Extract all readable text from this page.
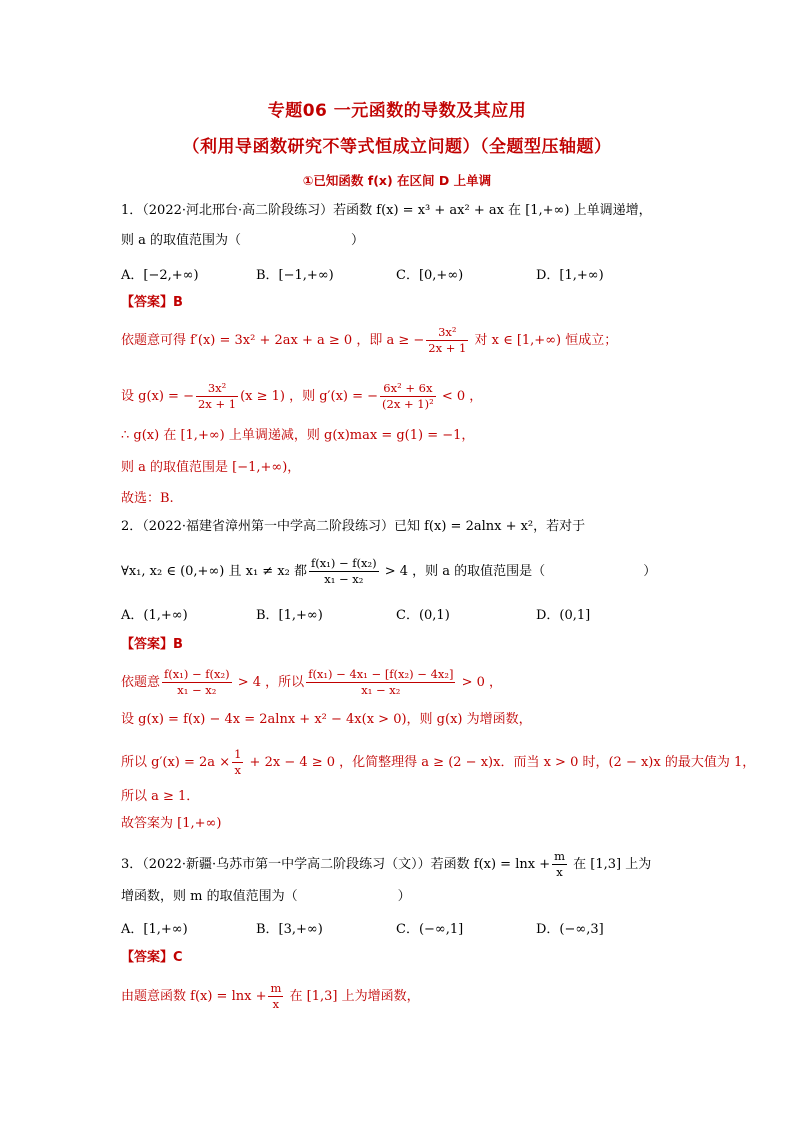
专题06 一元函数的导数及其应用
（利用导函数研究不等式恒成立问题）（全题型压轴题）
①已知函数 f(x) 在区间 D 上单调
1．（2022·河北邢台·高二阶段练习）若函数 f(x) = x³ + ax² + ax 在 [1,+∞) 上单调递增，
则 a 的取值范围为（	）
A．[−2,+∞)	B．[−1,+∞)	C．[0,+∞)	D．[1,+∞)
【答案】B
依题意可得 f′(x) = 3x² + 2ax + a ≥ 0 ，即 a ≥ − $\frac{\text{3x²}}{2x + 1}$ 对 x ∈ [1,+∞) 恒成立；
设 g(x) = − $\frac{\text{3x²}}{2x + 1} (x \ge 1)$ ，则 g′(x) = − $\frac{\text{6x² + 6x}}{\text{(2x + 1)²}} < 0$ ，
∴ g(x) 在 [1,+∞) 上单调递减，则 g(x)max = g(1) = −1，
则 a 的取值范围是 [−1,+∞)，
故选：B.
2．（2022·福建省漳州第一中学高二阶段练习）已知 f(x) = 2alnx + x²，若对于
∀x₁, x₂ ∈ (0,+∞) 且 x₁ ≠ x₂ 都 $\frac{\text{f(x₁) − f(x₂)}}{\text{x₁ − x₂}} > 4$ ，则 a 的取值范围是（	）
A．(1,+∞)	B．[1,+∞)	C．(0,1)	D．(0,1]
【答案】B
依题意 $\frac{\text{f(x₁) − f(x₂)}}{\text{x₁ − x₂}} > 4$ ，所以 $\frac{\text{f(x₁) − 4x₁ − [f(x₂) − 4x₂]}}{\text{x₁ − x₂}} > 0$ ，
设 g(x) = f(x) − 4x = 2alnx + x² − 4x(x > 0)，则 g(x) 为增函数，
所以 $g'(x) = 2a \times \frac{1}{x} + 2x - 4 \ge 0$ ，化简整理得 a ≥ (2 − x)x．而当 x > 0 时，(2 − x)x 的最大值为 1，
所以 a ≥ 1．
故答案为 [1,+∞)
3．（2022·新疆·乌苏市第一中学高二阶段练习（文））若函数 $f(x) = \ln x + \frac{m}{x}$ 在 [1,3] 上为
增函数，则 m 的取值范围为（	）
A．[1,+∞)	B．[3,+∞)	C．(−∞,1]	D．(−∞,3]
【答案】C
由题意函数 $f(x) = \ln x + \frac{m}{x}$ 在 [1,3] 上为增函数，
